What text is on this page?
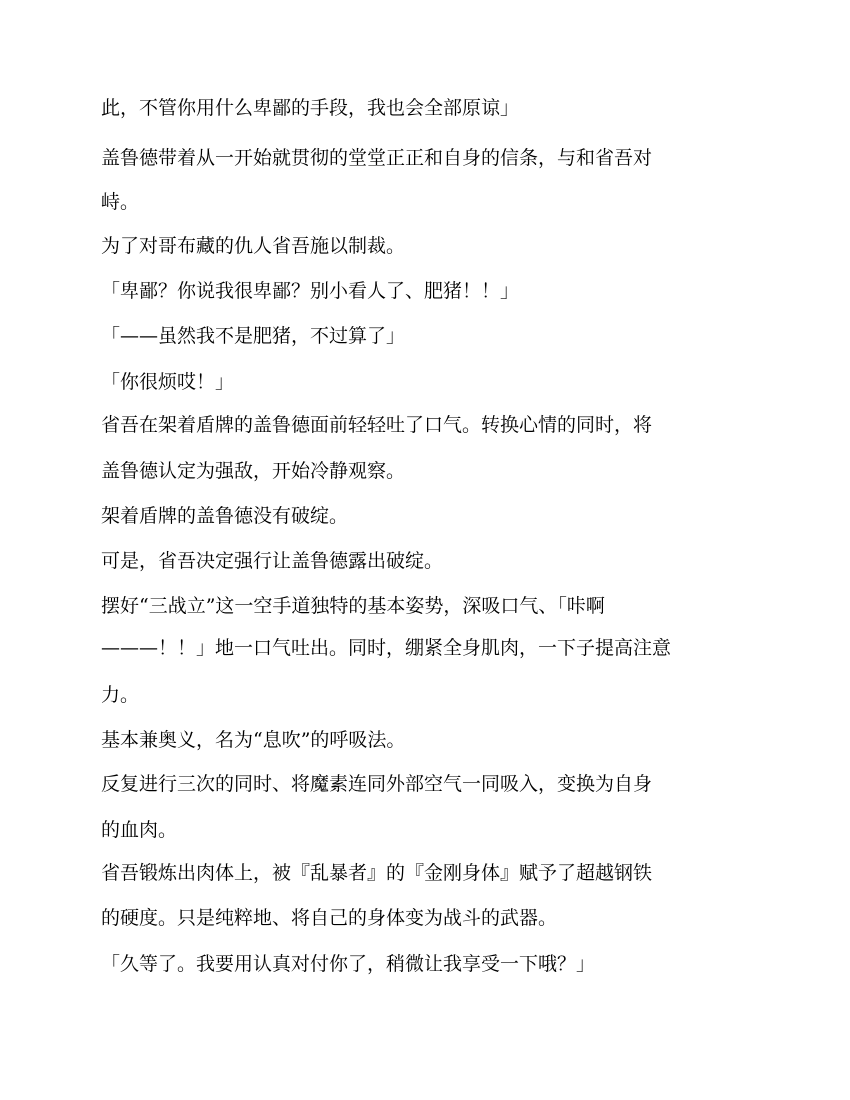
此，不管你用什么卑鄙的手段，我也会全部原谅」

盖鲁德带着从一开始就贯彻的堂堂正正和自身的信条，与和省吾对

峙。

为了对哥布藏的仇人省吾施以制裁。

「卑鄙？你说我很卑鄙？别小看人了、肥猪！！」

「——虽然我不是肥猪，不过算了」

「你很烦哎！」

省吾在架着盾牌的盖鲁德面前轻轻吐了口气。转换心情的同时，将

盖鲁德认定为强敌，开始冷静观察。

架着盾牌的盖鲁德没有破绽。

可是，省吾决定强行让盖鲁德露出破绽。

摆好“三战立”这一空手道独特的基本姿势，深吸口气、「咔啊

———！！」地一口气吐出。同时，绷紧全身肌肉，一下子提高注意

力。

基本兼奥义，名为“息吹”的呼吸法。

反复进行三次的同时、将魔素连同外部空气一同吸入，变换为自身

的血肉。

省吾锻炼出肉体上，被『乱暴者』的『金刚身体』赋予了超越钢铁

的硬度。只是纯粹地、将自己的身体变为战斗的武器。

「久等了。我要用认真对付你了，稍微让我享受一下哦？」
